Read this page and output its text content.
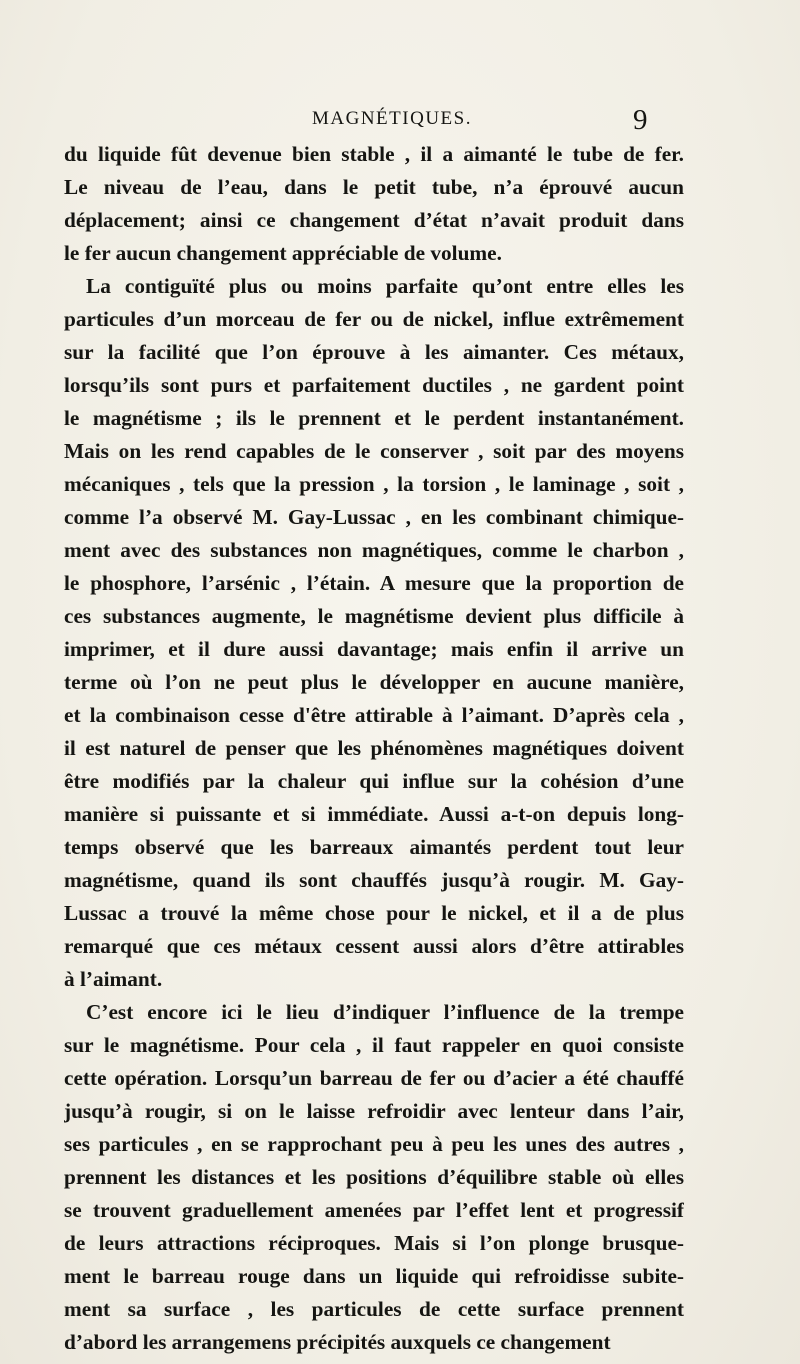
MAGNÉTIQUES.	9
du liquide fût devenue bien stable , il a aimanté le tube de fer.
Le niveau de l’eau, dans le petit tube, n’a éprouvé aucun
déplacement; ainsi ce changement d’état n’avait produit dans
le fer aucun changement appréciable de volume.
La contiguïté plus ou moins parfaite qu’ont entre elles les
particules d’un morceau de fer ou de nickel, influe extrêmement
sur la facilité que l’on éprouve à les aimanter. Ces métaux,
lorsqu’ils sont purs et parfaitement ductiles , ne gardent point
le magnétisme ; ils le prennent et le perdent instantanément.
Mais on les rend capables de le conserver , soit par des moyens
mécaniques , tels que la pression , la torsion , le laminage , soit ,
comme l’a observé M. Gay-Lussac , en les combinant chimique-
ment avec des substances non magnétiques, comme le charbon ,
le phosphore, l’arsénic , l’étain. A mesure que la proportion de
ces substances augmente, le magnétisme devient plus difficile à
imprimer, et il dure aussi davantage; mais enfin il arrive un
terme où l’on ne peut plus le développer en aucune manière,
et la combinaison cesse d'être attirable à l’aimant. D’après cela ,
il est naturel de penser que les phénomènes magnétiques doivent
être modifiés par la chaleur qui influe sur la cohésion d’une
manière si puissante et si immédiate. Aussi a-t-on depuis long-
temps observé que les barreaux aimantés perdent tout leur
magnétisme, quand ils sont chauffés jusqu’à rougir. M. Gay-
Lussac a trouvé la même chose pour le nickel, et il a de plus
remarqué que ces métaux cessent aussi alors d’être attirables
à l’aimant.
C’est encore ici le lieu d’indiquer l’influence de la trempe
sur le magnétisme. Pour cela , il faut rappeler en quoi consiste
cette opération. Lorsqu’un barreau de fer ou d’acier a été chauffé
jusqu’à rougir, si on le laisse refroidir avec lenteur dans l’air,
ses particules , en se rapprochant peu à peu les unes des autres ,
prennent les distances et les positions d’équilibre stable où elles
se trouvent graduellement amenées par l’effet lent et progressif
de leurs attractions réciproques. Mais si l’on plonge brusque-
ment le barreau rouge dans un liquide qui refroidisse subite-
ment sa surface , les particules de cette surface prennent
d’abord les arrangemens précipités auxquels ce changement
